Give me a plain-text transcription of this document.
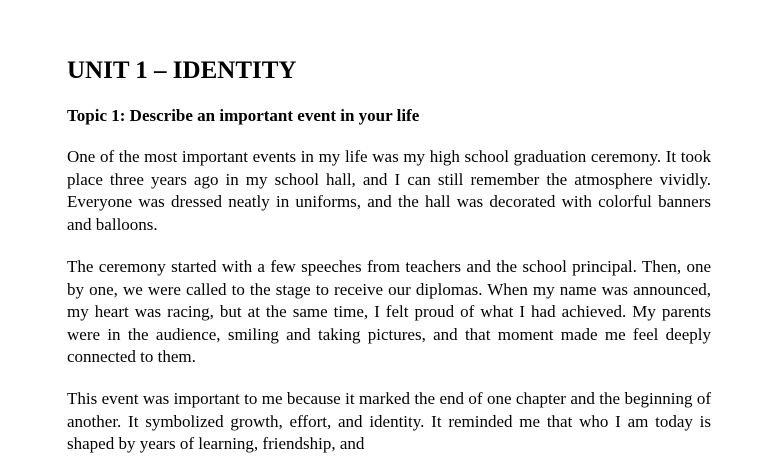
UNIT 1 – IDENTITY
Topic 1: Describe an important event in your life

One of the most important events in my life was my high school graduation ceremony. It took place three years ago in my school hall, and I can still remember the atmosphere vividly. Everyone was dressed neatly in uniforms, and the hall was decorated with colorful banners and balloons.

The ceremony started with a few speeches from teachers and the school principal. Then, one by one, we were called to the stage to receive our diplomas. When my name was announced, my heart was racing, but at the same time, I felt proud of what I had achieved. My parents were in the audience, smiling and taking pictures, and that moment made me feel deeply connected to them.

This event was important to me because it marked the end of one chapter and the beginning of another. It symbolized growth, effort, and identity. It reminded me that who I am today is shaped by years of learning, friendship, and
